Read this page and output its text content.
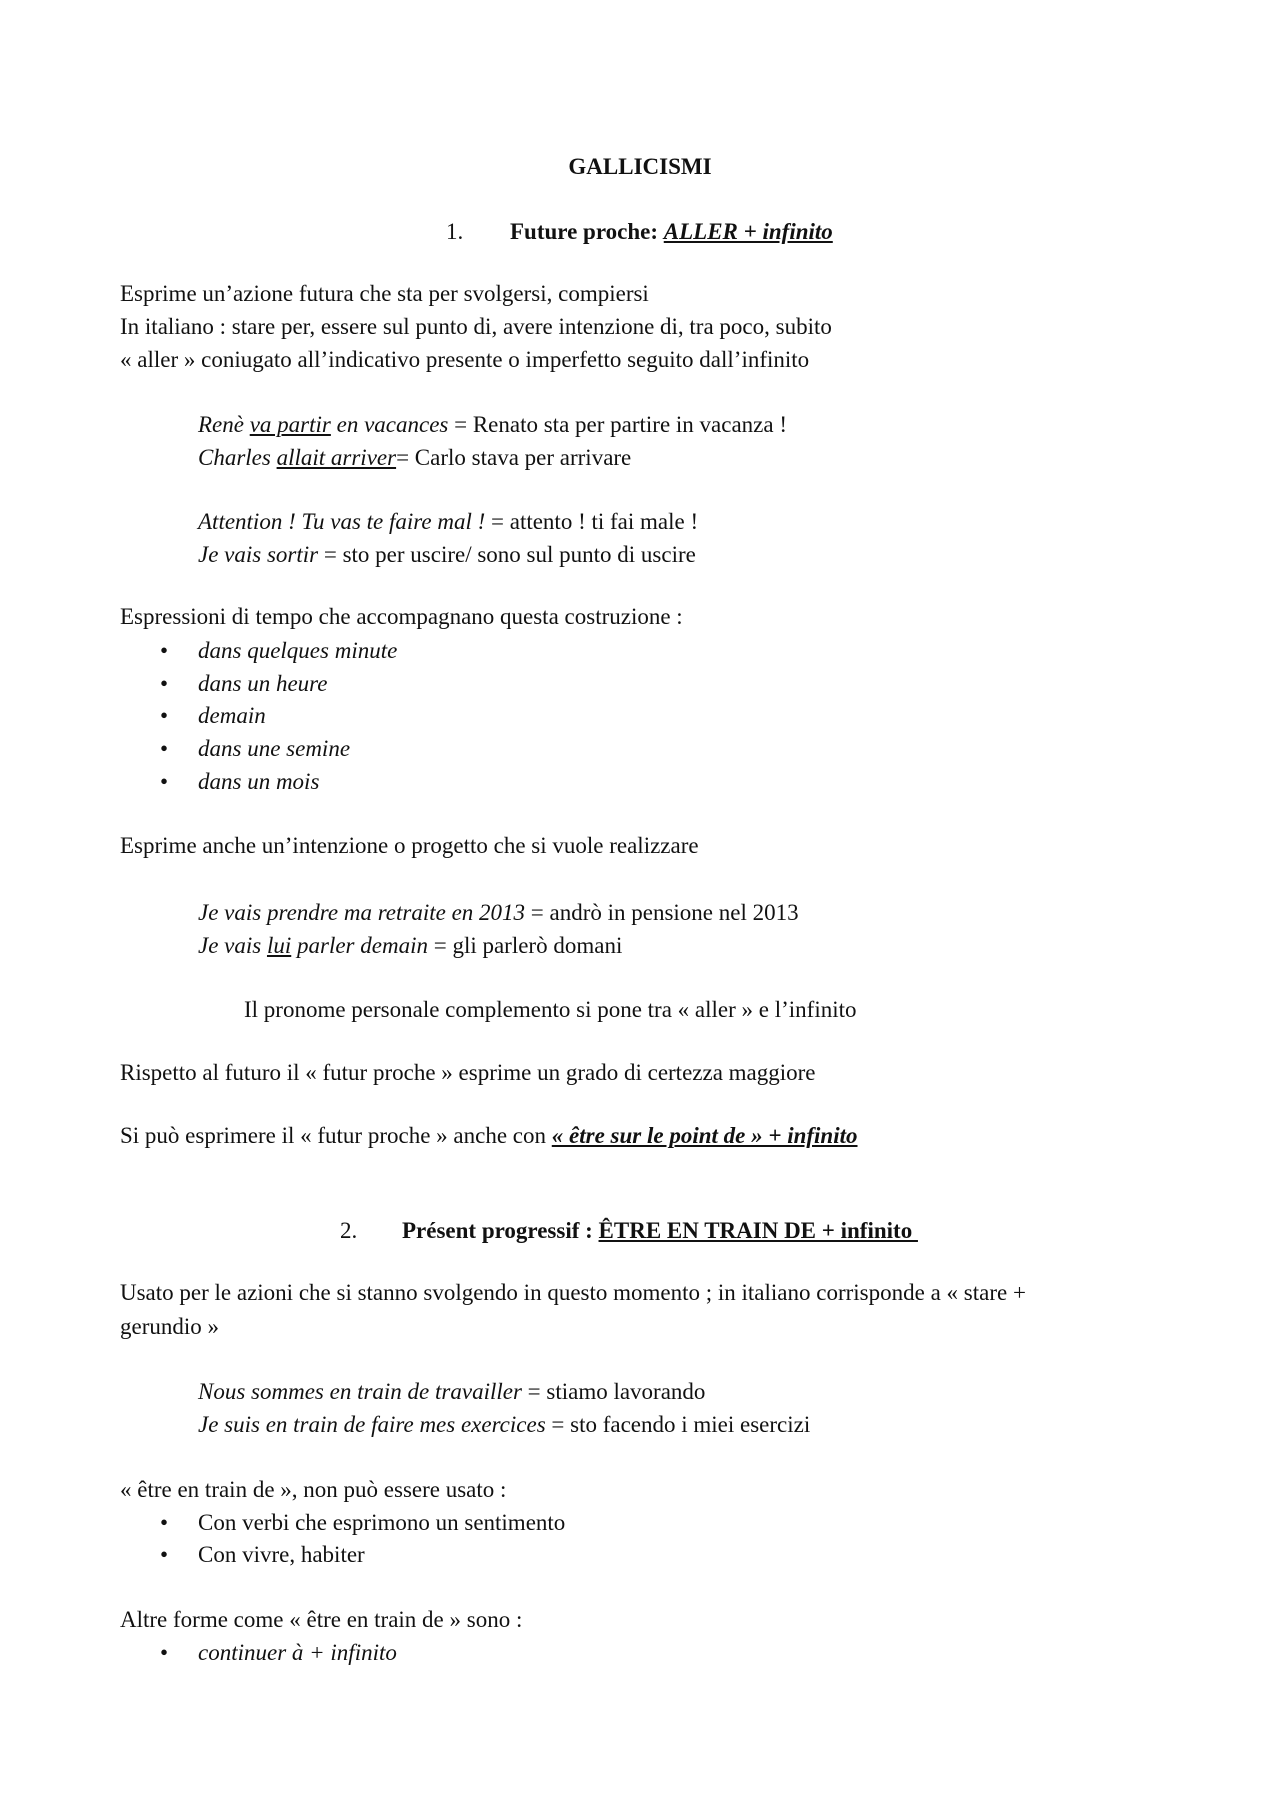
GALLICISMI
1. Future proche: ALLER + infinito
Esprime un’azione futura che sta per svolgersi, compiersi
In italiano : stare per, essere sul punto di, avere intenzione di, tra poco, subito
« aller » coniugato all’indicativo presente o imperfetto seguito dall’infinito
Renè va partir en vacances = Renato sta per partire in vacanza !
Charles allait arriver= Carlo stava per arrivare
Attention ! Tu vas te faire mal ! = attento ! ti fai male !
Je vais sortir = sto per uscire/ sono sul punto di uscire
Espressioni di tempo che accompagnano questa costruzione :
• dans quelques minute
• dans un heure
• demain
• dans une semine
• dans un mois
Esprime anche un’intenzione o progetto che si vuole realizzare
Je vais prendre ma retraite en 2013 = andrò in pensione nel 2013
Je vais lui parler demain = gli parlerò domani
Il pronome personale complemento si pone tra « aller » e l’infinito
Rispetto al futuro il « futur proche » esprime un grado di certezza maggiore
Si può esprimere il « futur proche » anche con « être sur le point de » + infinito
2. Présent progressif : ÊTRE EN TRAIN DE + infinito
Usato per le azioni che si stanno svolgendo in questo momento ; in italiano corrisponde a « stare +
gerundio »
Nous sommes en train de travailler = stiamo lavorando
Je suis en train de faire mes exercices = sto facendo i miei esercizi
« être en train de », non può essere usato :
• Con verbi che esprimono un sentimento
• Con vivre, habiter
Altre forme come « être en train de » sono :
• continuer à + infinito
